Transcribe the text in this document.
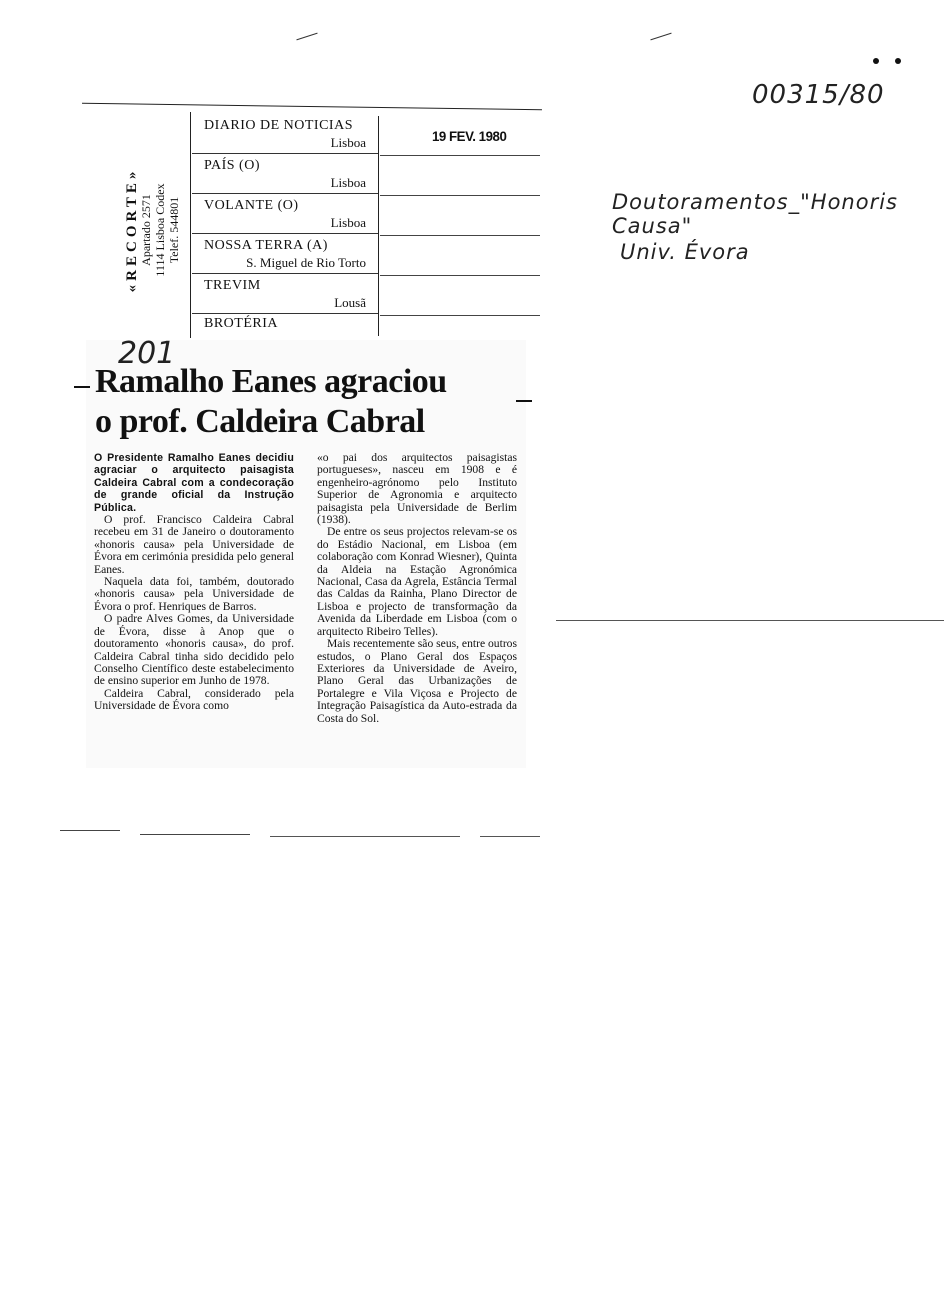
00315/80
Doutoramentos_"Honoris Causa"
Univ. Évora
«RECORTE» Apartado 2571 1114 Lisboa Codex Telef. 544801
DIARIO DE NOTICIAS
Lisboa
PAÍS (O)
Lisboa
VOLANTE (O)
Lisboa
NOSSA TERRA (A)
S. Miguel de Rio Torto
TREVIM
Lousã
BROTÉRIA
19 FEV. 1980
201
Ramalho Eanes agraciou
o prof. Caldeira Cabral

O Presidente Ramalho Eanes decidiu agraciar o arquitecto paisagista Caldeira Cabral com a condecoração de grande oficial da Instrução Pública.

O prof. Francisco Caldeira Cabral recebeu em 31 de Janeiro o doutoramento «honoris causa» pela Universidade de Évora em cerimónia presidida pelo general Eanes.

Naquela data foi, também, doutorado «honoris causa» pela Universidade de Évora o prof. Henriques de Barros.

O padre Alves Gomes, da Universidade de Évora, disse à Anop que o doutoramento «honoris causa», do prof. Caldeira Cabral tinha sido decidido pelo Conselho Científico deste estabelecimento de ensino superior em Junho de 1978.

Caldeira Cabral, considerado pela Universidade de Évora como

«o pai dos arquitectos paisagistas portugueses», nasceu em 1908 e é engenheiro-agrónomo pelo Instituto Superior de Agronomia e arquitecto paisagista pela Universidade de Berlim (1938).

De entre os seus projectos relevam-se os do Estádio Nacional, em Lisboa (em colaboração com Konrad Wiesner), Quinta da Aldeia na Estação Agronómica Nacional, Casa da Agrela, Estância Termal das Caldas da Rainha, Plano Director de Lisboa e projecto de transformação da Avenida da Liberdade em Lisboa (com o arquitecto Ribeiro Telles).

Mais recentemente são seus, entre outros estudos, o Plano Geral dos Espaços Exteriores da Universidade de Aveiro, Plano Geral das Urbanizações de Portalegre e Vila Viçosa e Projecto de Integração Paisagística da Auto-estrada da Costa do Sol.
